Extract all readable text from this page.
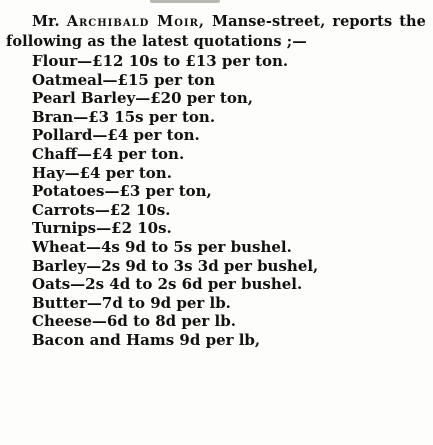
Mr. Archibald Moir, Manse-street, reports the following as the latest quotations ;—

Flour—£12 10s to £13 per ton.
Oatmeal—£15 per ton
Pearl Barley—£20 per ton,
Bran—£3 15s per ton.
Pollard—£4 per ton.
Chaff—£4 per ton.
Hay—£4 per ton.
Potatoes—£3 per ton,
Carrots—£2 10s.
Turnips—£2 10s.
Wheat—4s 9d to 5s per bushel.
Barley—2s 9d to 3s 3d per bushel,
Oats—2s 4d to 2s 6d per bushel.
Butter—7d to 9d per lb.
Cheese—6d to 8d per lb.
Bacon and Hams 9d per lb,
